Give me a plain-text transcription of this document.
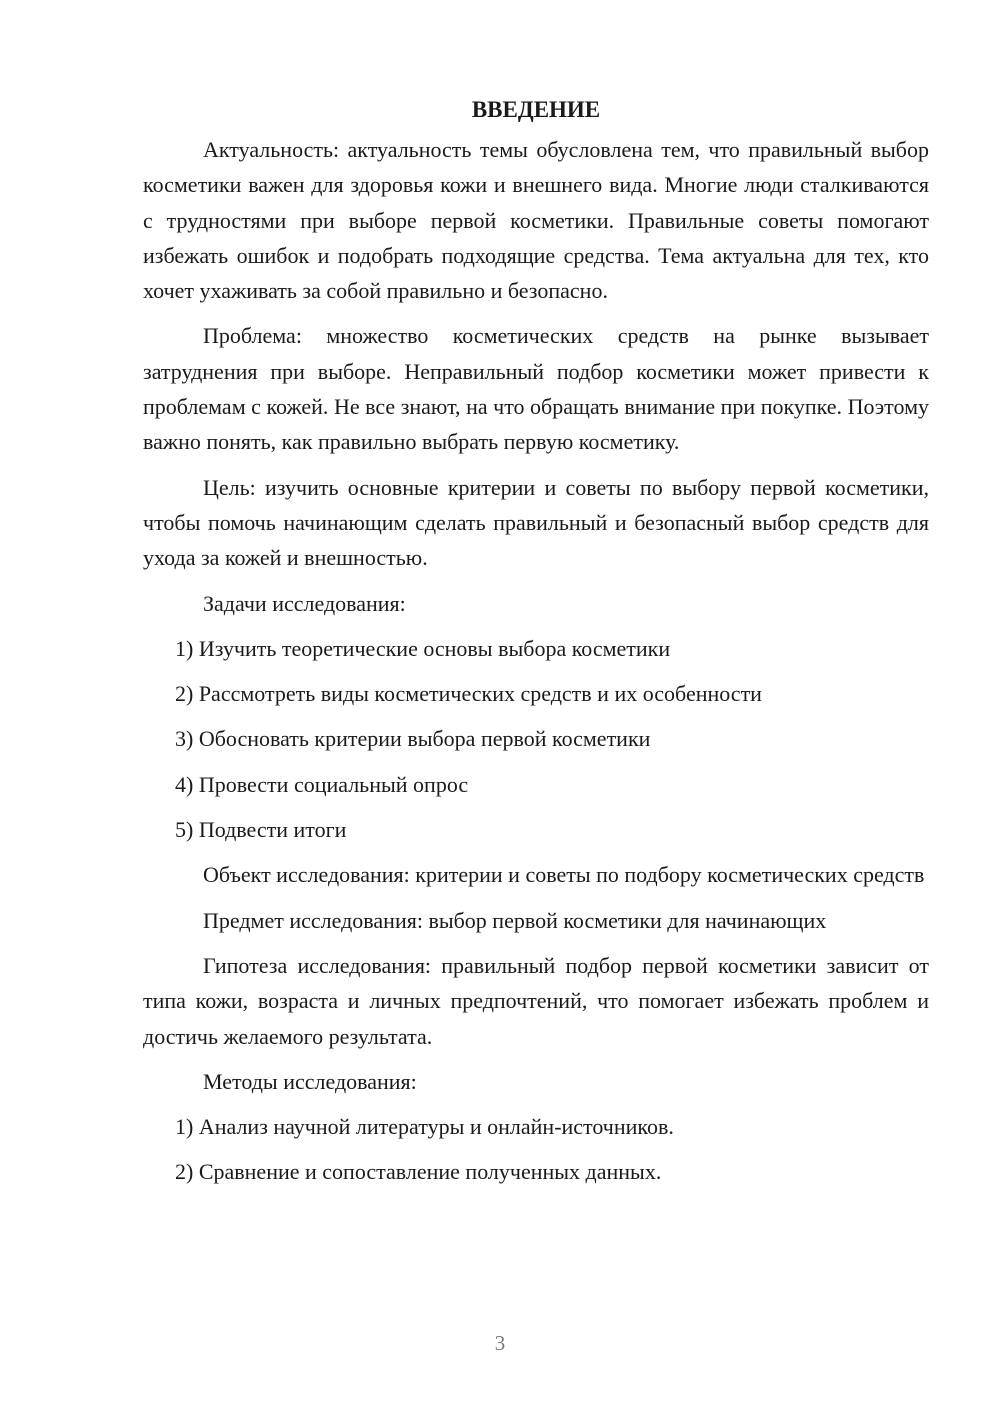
ВВЕДЕНИЕ

Актуальность: актуальность темы обусловлена тем, что правильный выбор косметики важен для здоровья кожи и внешнего вида. Многие люди сталкиваются с трудностями при выборе первой косметики. Правильные советы помогают избежать ошибок и подобрать подходящие средства. Тема актуальна для тех, кто хочет ухаживать за собой правильно и безопасно.

Проблема: множество косметических средств на рынке вызывает затруднения при выборе. Неправильный подбор косметики может привести к проблемам с кожей. Не все знают, на что обращать внимание при покупке. Поэтому важно понять, как правильно выбрать первую косметику.

Цель: изучить основные критерии и советы по выбору первой косметики, чтобы помочь начинающим сделать правильный и безопасный выбор средств для ухода за кожей и внешностью.

Задачи исследования:

1) Изучить теоретические основы выбора косметики

2) Рассмотреть виды косметических средств и их особенности

3) Обосновать критерии выбора первой косметики

4) Провести социальный опрос

5) Подвести итоги

Объект исследования: критерии и советы по подбору косметических средств

Предмет исследования: выбор первой косметики для начинающих

Гипотеза исследования: правильный подбор первой косметики зависит от типа кожи, возраста и личных предпочтений, что помогает избежать проблем и достичь желаемого результата.

Методы исследования:

1) Анализ научной литературы и онлайн-источников.

2) Сравнение и сопоставление полученных данных.

3
